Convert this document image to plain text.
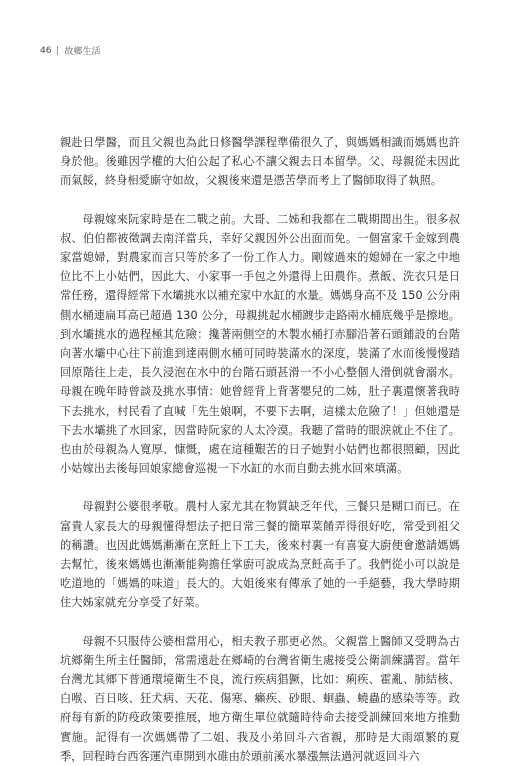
46 故鄉生活

親赴日學醫，而且父親也為此日修醫學課程準備很久了，與媽媽相識而媽媽也許身於他。後雖因学權的大伯公起了私心不讓父親去日本留學。父、母親從未因此而氣餒，終身相愛廝守如故，父親後來還是憑苦學而考上了醫師取得了執照。

母親嫁來阮家時是在二戰之前。大哥、二姊和我都在二戰期間出生。很多叔叔、伯伯都被徵調去南洋當兵，幸好父親因外公出面而免。一個富家千金嫁到農家當媳婦，對農家而言只等於多了一份工作人力。剛嫁過來的媳婦在一家之中地位比不上小姑們，因此大、小家事一手包之外還得上田農作。煮飯、洗衣只是日常任務，還得經常下水壩挑水以補充家中水缸的水量。媽媽身高不及 150 公分兩側水桶連扁耳高已超過 130 公分，母親挑起水桶踱步走路兩水桶底幾乎是擦地。到水壩挑水的過程極其危險：攙著兩側空的木製水桶打赤腳沿著石頭鋪設的台階向著水壩中心往下前進到達兩側水桶可同時裝滿水的深度，裝滿了水而後慢慢踏回原階往上走，長久浸泡在水中的台階石頭甚滑一不小心整個人滑倒就會溺水。母親在晚年時曾談及挑水事情：她曾經背上背著嬰兒的二姊，肚子裏還懷著我時下去挑水，村民看了直喊「先生娘啊，不要下去啊，這樣太危險了！」但她還是下去水壩挑了水回家，因當時阮家的人太冷漠。我聽了當時的眼淚就止不住了。也由於母親為人寬厚、慷慨，處在這種艱苦的日子她對小姑們也都很照顧，因此小姑嫁出去後每回娘家總會巡視一下水缸的水而自動去挑水回來填滿。

母親對公婆很孝敬。農村人家尤其在物質缺乏年代，三餐只是糊口而已。在富貴人家長大的母親懂得想法子把日常三餐的簡單菜餚弄得很好吃，常受到祖父的稱讚。也因此媽媽漸漸在烹飪上下工夫，後來村裏一有喜宴大廚便會邀請媽媽去幫忙，後來媽媽也漸漸能夠擔任掌廚可說成為烹飪高手了。我們從小可以說是吃道地的「媽媽的味道」長大的。大姐後來有傳承了她的一手絕藝，我大學時期住大姊家就充分享受了好菜。

母親不只服侍公婆相當用心，相夫教子那更必然。父親當上醫師又受聘為古坑鄉衛生所主任醫師，常需遠赴在鄉崎的台灣省衛生處接受公衛訓練講習。當年台灣尤其鄉下普通環境衛生不良，流行疾病猖獗，比如：痢疾、霍亂、肺結核、白喉、百日咳、狂犬病、天花、傷寒、癩疾、砂眼、蛔蟲、蟯蟲的感染等等。政府每有新的防疫政策要推展，地方衛生單位就隨時待命去接受訓練回來地方推動實施。記得有一次媽媽帶了二姐、我及小弟回斗六省親，那時是大雨頌繁的夏季，回程時台西客運汽車開到水碓由於頭前溪水暴漲無法過河就返回斗六
